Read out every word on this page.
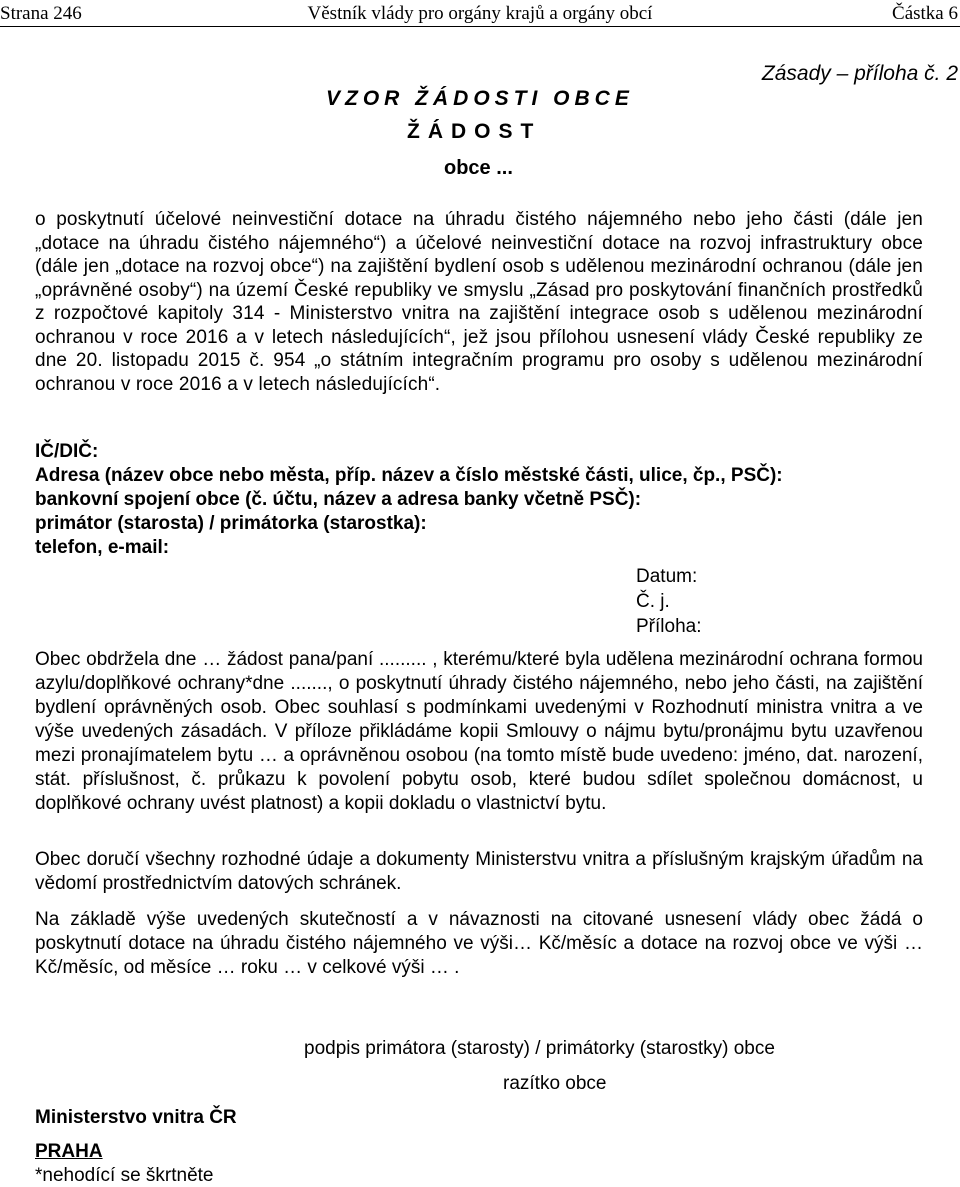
Strana 246	Věstník vlády pro orgány krajů a orgány obcí	Částka 6
Zásady – příloha č. 2
VZOR ŽÁDOSTI OBCE
ŽÁDOST
obce ...

o poskytnutí účelové neinvestiční dotace na úhradu čistého nájemného nebo jeho části (dále jen „dotace na úhradu čistého nájemného“) a účelové neinvestiční dotace na rozvoj infrastruktury obce (dále jen „dotace na rozvoj obce“) na zajištění bydlení osob s udělenou mezinárodní ochranou (dále jen „oprávněné osoby“) na území České republiky ve smyslu „Zásad pro poskytování finančních prostředků z rozpočtové kapitoly 314 - Ministerstvo vnitra na zajištění integrace osob s udělenou mezinárodní ochranou v roce 2016 a v letech následujících“, jež jsou přílohou usnesení vlády České republiky ze dne 20. listopadu 2015 č. 954 „o státním integračním programu pro osoby s udělenou mezinárodní ochranou v roce 2016 a v letech následujících“.

IČ/DIČ:
Adresa (název obce nebo města, příp. název a číslo městské části, ulice, čp., PSČ):
bankovní spojení obce (č. účtu, název a adresa banky včetně PSČ):
primátor (starosta) / primátorka (starostka):
telefon, e-mail:
Datum:
Č. j.
Příloha:

Obec obdržela dne … žádost pana/paní ......... , kterému/které byla udělena mezinárodní ochrana formou azylu/doplňkové ochrany*dne ......., o poskytnutí úhrady čistého nájemného, nebo jeho části, na zajištění bydlení oprávněných osob. Obec souhlasí s podmínkami uvedenými v Rozhodnutí ministra vnitra a ve výše uvedených zásadách. V příloze přikládáme kopii Smlouvy o nájmu bytu/pronájmu bytu uzavřenou mezi pronajímatelem bytu … a oprávněnou osobou (na tomto místě bude uvedeno: jméno, dat. narození, stát. příslušnost, č. průkazu k povolení pobytu osob, které budou sdílet společnou domácnost, u doplňkové ochrany uvést platnost) a kopii dokladu o vlastnictví bytu.

Obec doručí všechny rozhodné údaje a dokumenty Ministerstvu vnitra a příslušným krajským úřadům na vědomí prostřednictvím datových schránek.

Na základě výše uvedených skutečností a v návaznosti na citované usnesení vlády obec žádá o poskytnutí dotace na úhradu čistého nájemného ve výši… Kč/měsíc a dotace na rozvoj obce ve výši … Kč/měsíc, od měsíce … roku … v celkové výši … .

podpis primátora (starosty) / primátorky (starostky) obce
razítko obce
Ministerstvo vnitra ČR
PRAHA
*nehodící se škrtněte
